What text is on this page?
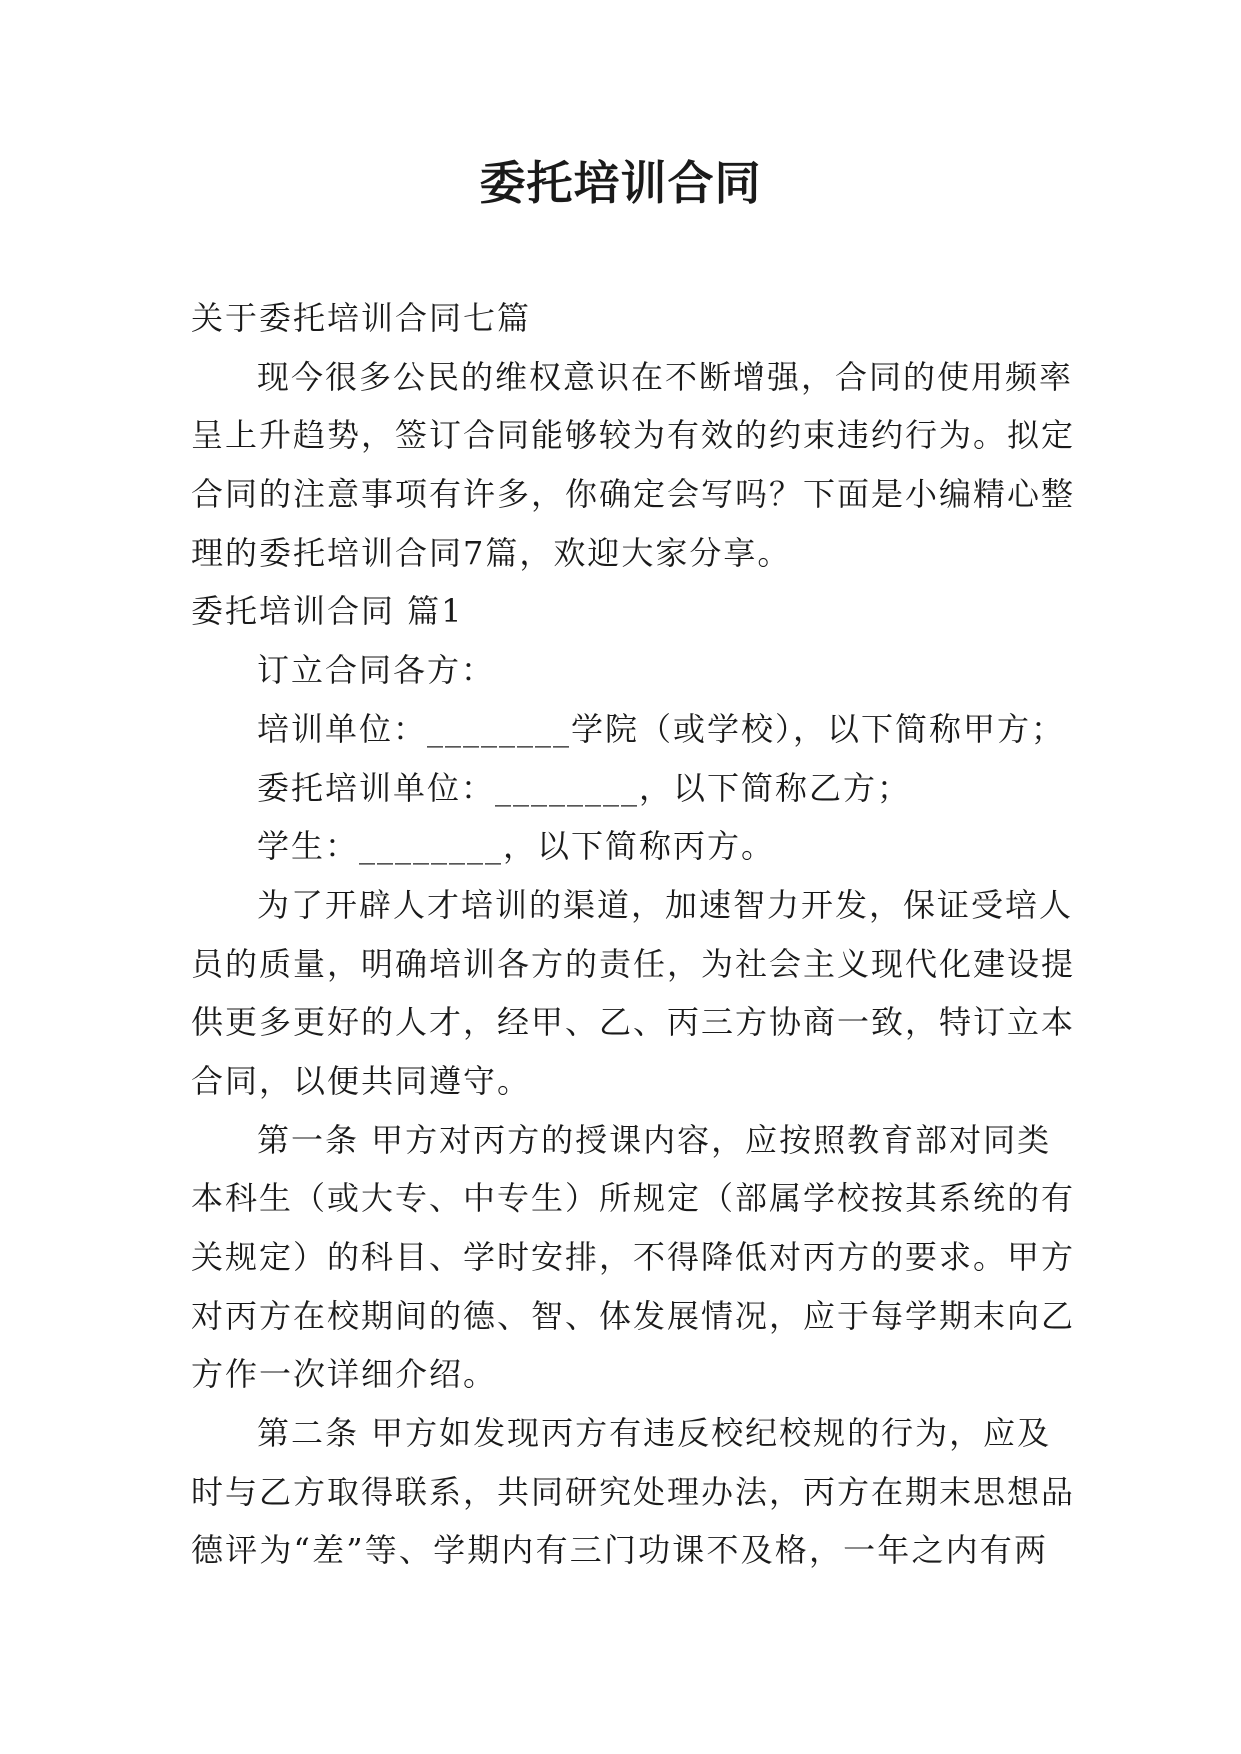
委托培训合同
关于委托培训合同七篇
现今很多公民的维权意识在不断增强，合同的使用频率
呈上升趋势，签订合同能够较为有效的约束违约行为。拟定
合同的注意事项有许多，你确定会写吗？下面是小编精心整
理的委托培训合同7篇，欢迎大家分享。
委托培训合同 篇1
订立合同各方：
培训单位：________学院（或学校），以下简称甲方；
委托培训单位：________，以下简称乙方；
学生：________，以下简称丙方。
为了开辟人才培训的渠道，加速智力开发，保证受培人
员的质量，明确培训各方的责任，为社会主义现代化建设提
供更多更好的人才，经甲、乙、丙三方协商一致，特订立本
合同，以便共同遵守。
第一条 甲方对丙方的授课内容，应按照教育部对同类
本科生（或大专、中专生）所规定（部属学校按其系统的有
关规定）的科目、学时安排，不得降低对丙方的要求。甲方
对丙方在校期间的德、智、体发展情况，应于每学期末向乙
方作一次详细介绍。
第二条 甲方如发现丙方有违反校纪校规的行为，应及
时与乙方取得联系，共同研究处理办法，丙方在期末思想品
德评为“差”等、学期内有三门功课不及格，一年之内有两
